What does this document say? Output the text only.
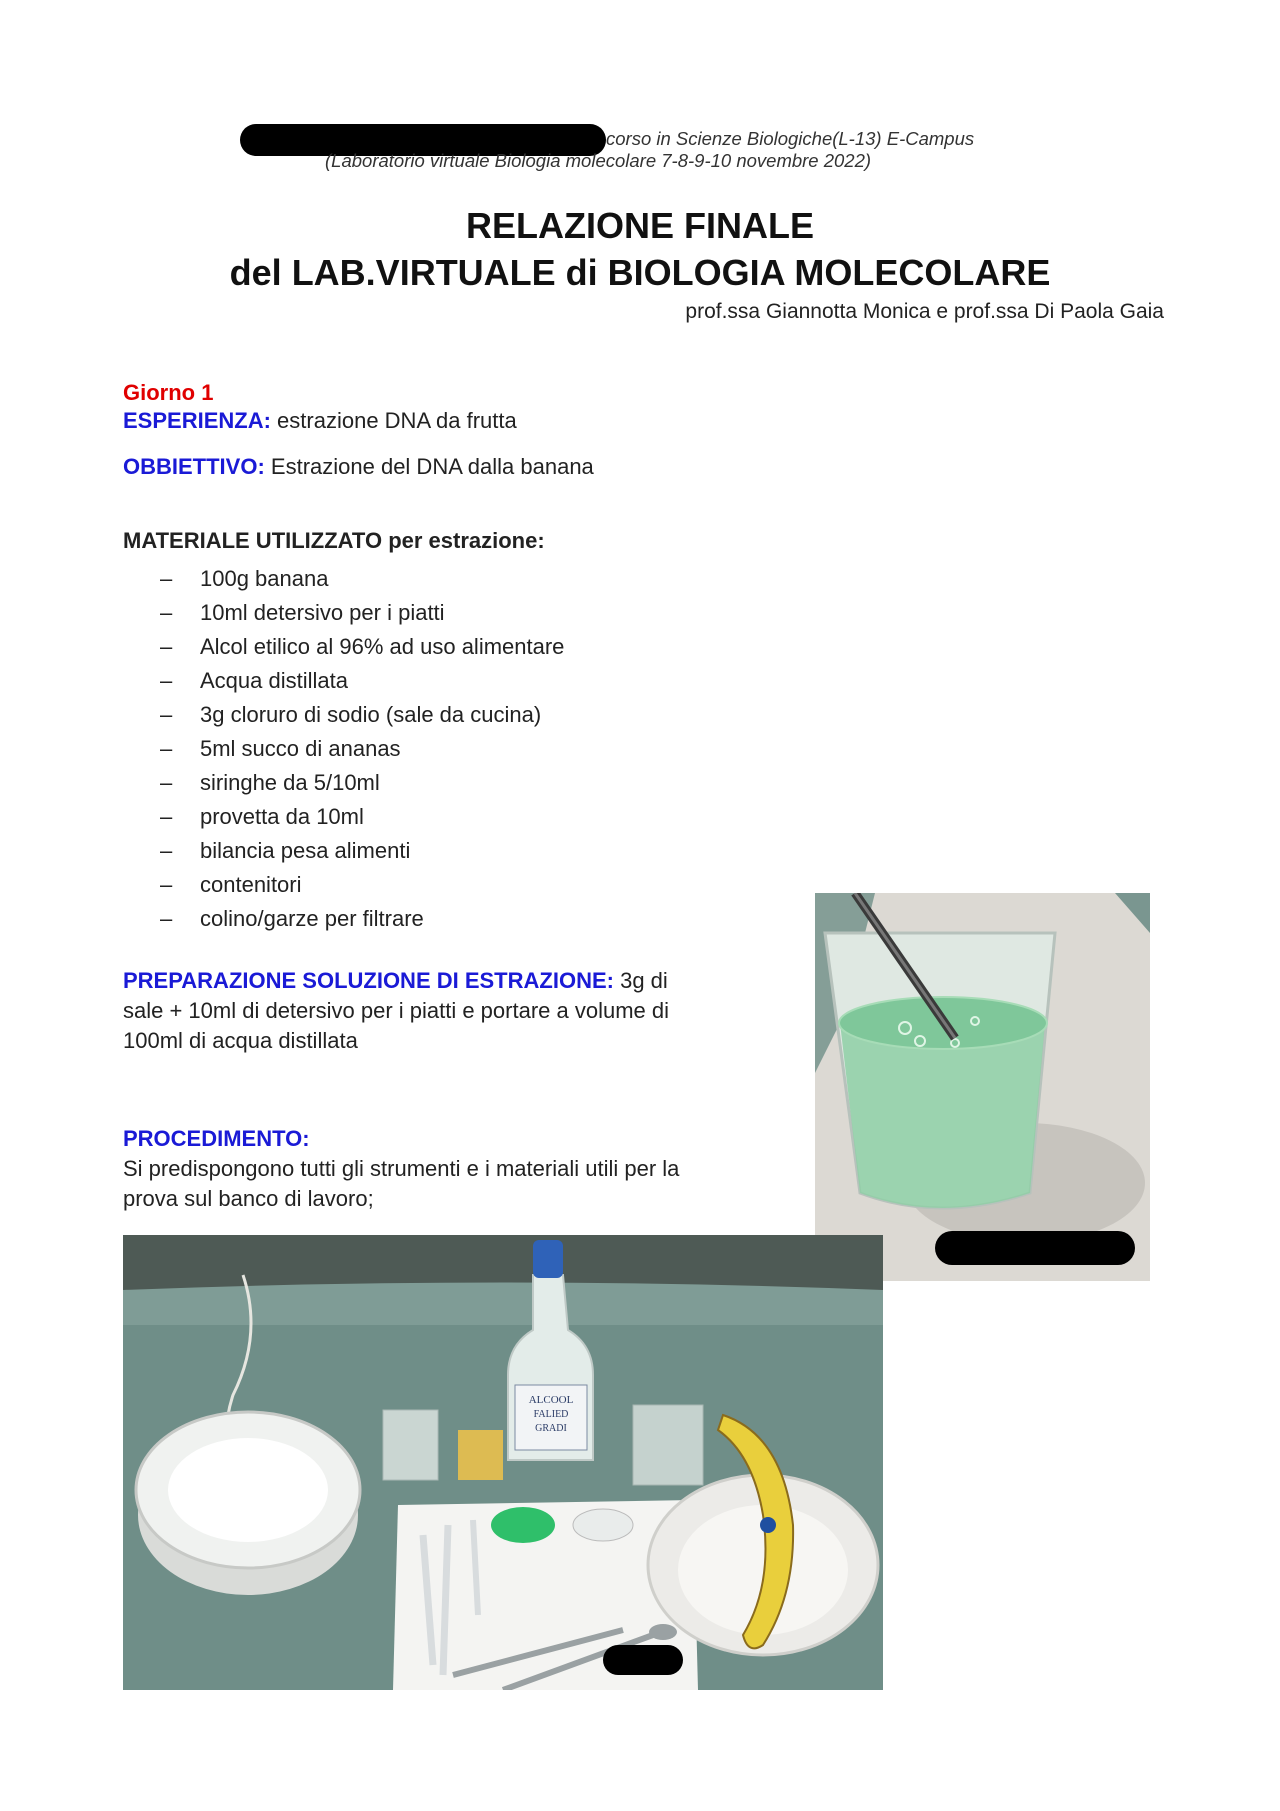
corso in Scienze Biologiche(L-13) E-Campus
(Laboratorio virtuale Biologia molecolare 7-8-9-10 novembre 2022)
RELAZIONE FINALE
del LAB.VIRTUALE di BIOLOGIA MOLECOLARE
prof.ssa Giannotta Monica e prof.ssa Di Paola Gaia
Giorno 1
ESPERIENZA: estrazione DNA da frutta
OBBIETTIVO: Estrazione del DNA dalla banana
MATERIALE UTILIZZATO per estrazione:
–	100g banana
–	10ml detersivo per i piatti
–	Alcol etilico al 96% ad uso alimentare
–	Acqua distillata
–	3g cloruro di sodio (sale da cucina)
–	5ml succo di ananas
–	siringhe da 5/10ml
–	provetta da 10ml
–	bilancia pesa alimenti
–	contenitori
–	colino/garze per filtrare
PREPARAZIONE SOLUZIONE DI ESTRAZIONE: 3g di
sale + 10ml di detersivo per i piatti e portare a volume di
100ml di acqua distillata
PROCEDIMENTO:
Si predispongono tutti gli strumenti e i materiali utili per la
prova sul banco di lavoro;
ALCOOL
FALIED
GRADI
